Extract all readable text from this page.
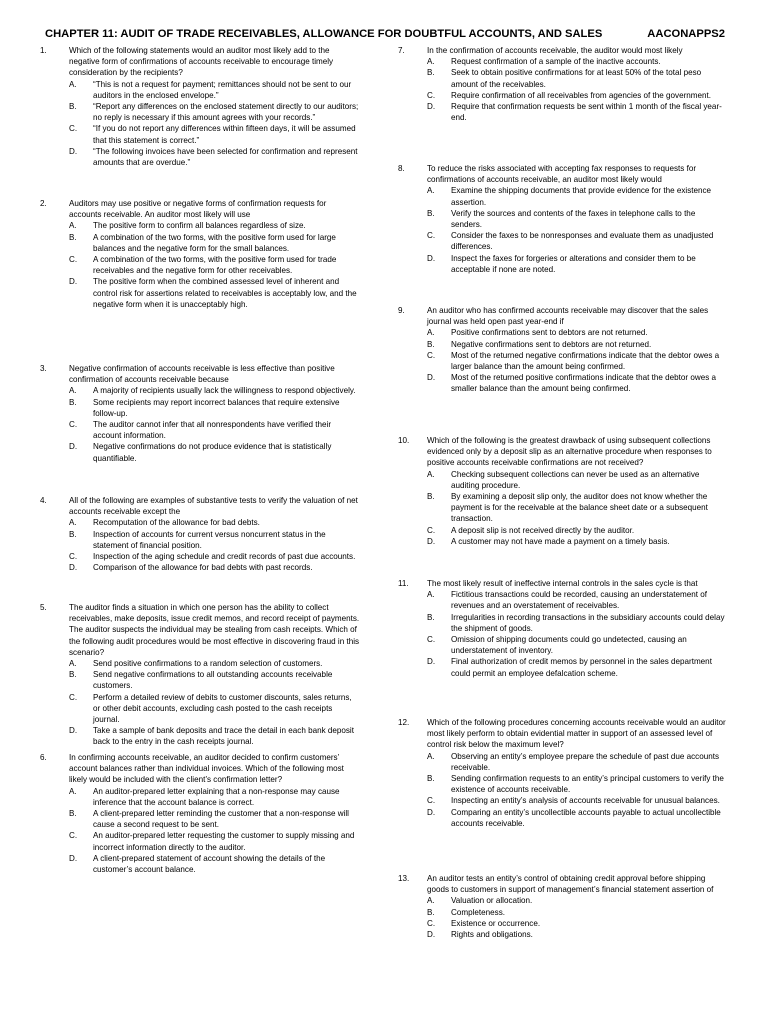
CHAPTER 11: AUDIT OF TRADE RECEIVABLES, ALLOWANCE FOR DOUBTFUL ACCOUNTS, AND SALES	AACONAPPS2
1.	Which of the following statements would an auditor most likely add to the negative form of confirmations of accounts receivable to encourage timely consideration by the recipients?
A. “This is not a request for payment; remittances should not be sent to our auditors in the enclosed envelope.”
B. “Report any differences on the enclosed statement directly to our auditors; no reply is necessary if this amount agrees with your records.”
C. “If you do not report any differences within fifteen days, it will be assumed that this statement is correct.”
D. “The following invoices have been selected for confirmation and represent amounts that are overdue.”
2.	Auditors may use positive or negative forms of confirmation requests for accounts receivable. An auditor most likely will use
A. The positive form to confirm all balances regardless of size.
B. A combination of the two forms, with the positive form used for large balances and the negative form for the small balances.
C. A combination of the two forms, with the positive form used for trade receivables and the negative form for other receivables.
D. The positive form when the combined assessed level of inherent and control risk for assertions related to receivables is acceptably low, and the negative form when it is unacceptably high.
3.	Negative confirmation of accounts receivable is less effective than positive confirmation of accounts receivable because
A. A majority of recipients usually lack the willingness to respond objectively.
B. Some recipients may report incorrect balances that require extensive follow-up.
C. The auditor cannot infer that all nonrespondents have verified their account information.
D. Negative confirmations do not produce evidence that is statistically quantifiable.
4.	All of the following are examples of substantive tests to verify the valuation of net accounts receivable except the
A. Recomputation of the allowance for bad debts.
B. Inspection of accounts for current versus noncurrent status in the statement of financial position.
C. Inspection of the aging schedule and credit records of past due accounts.
D. Comparison of the allowance for bad debts with past records.
5.	The auditor finds a situation in which one person has the ability to collect receivables, make deposits, issue credit memos, and record receipt of payments. The auditor suspects the individual may be stealing from cash receipts. Which of the following audit procedures would be most effective in discovering fraud in this scenario?
A. Send positive confirmations to a random selection of customers.
B. Send negative confirmations to all outstanding accounts receivable customers.
C. Perform a detailed review of debits to customer discounts, sales returns, or other debit accounts, excluding cash posted to the cash receipts journal.
D. Take a sample of bank deposits and trace the detail in each bank deposit back to the entry in the cash receipts journal.
6.	In confirming accounts receivable, an auditor decided to confirm customers’ account balances rather than individual invoices. Which of the following most likely would be included with the client’s confirmation letter?
A. An auditor-prepared letter explaining that a non-response may cause inference that the account balance is correct.
B. A client-prepared letter reminding the customer that a non-response will cause a second request to be sent.
C. An auditor-prepared letter requesting the customer to supply missing and incorrect information directly to the auditor.
D. A client-prepared statement of account showing the details of the customer’s account balance.
7.	In the confirmation of accounts receivable, the auditor would most likely
A. Request confirmation of a sample of the inactive accounts.
B. Seek to obtain positive confirmations for at least 50% of the total peso amount of the receivables.
C. Require confirmation of all receivables from agencies of the government.
D. Require that confirmation requests be sent within 1 month of the fiscal year-end.
8.	To reduce the risks associated with accepting fax responses to requests for confirmations of accounts receivable, an auditor most likely would
A. Examine the shipping documents that provide evidence for the existence assertion.
B. Verify the sources and contents of the faxes in telephone calls to the senders.
C. Consider the faxes to be nonresponses and evaluate them as unadjusted differences.
D. Inspect the faxes for forgeries or alterations and consider them to be acceptable if none are noted.
9.	An auditor who has confirmed accounts receivable may discover that the sales journal was held open past year-end if
A. Positive confirmations sent to debtors are not returned.
B. Negative confirmations sent to debtors are not returned.
C. Most of the returned negative confirmations indicate that the debtor owes a larger balance than the amount being confirmed.
D. Most of the returned positive confirmations indicate that the debtor owes a smaller balance than the amount being confirmed.
10.	Which of the following is the greatest drawback of using subsequent collections evidenced only by a deposit slip as an alternative procedure when responses to positive accounts receivable confirmations are not received?
A. Checking subsequent collections can never be used as an alternative auditing procedure.
B. By examining a deposit slip only, the auditor does not know whether the payment is for the receivable at the balance sheet date or a subsequent transaction.
C. A deposit slip is not received directly by the auditor.
D. A customer may not have made a payment on a timely basis.
11.	The most likely result of ineffective internal controls in the sales cycle is that
A. Fictitious transactions could be recorded, causing an understatement of revenues and an overstatement of receivables.
B. Irregularities in recording transactions in the subsidiary accounts could delay the shipment of goods.
C. Omission of shipping documents could go undetected, causing an understatement of inventory.
D. Final authorization of credit memos by personnel in the sales department could permit an employee defalcation scheme.
12.	Which of the following procedures concerning accounts receivable would an auditor most likely perform to obtain evidential matter in support of an assessed level of control risk below the maximum level?
A. Observing an entity’s employee prepare the schedule of past due accounts receivable.
B. Sending confirmation requests to an entity’s principal customers to verify the existence of accounts receivable.
C. Inspecting an entity’s analysis of accounts receivable for unusual balances.
D. Comparing an entity’s uncollectible accounts payable to actual uncollectible accounts receivable.
13.	An auditor tests an entity’s control of obtaining credit approval before shipping goods to customers in support of management’s financial statement assertion of
A. Valuation or allocation.
B. Completeness.
C. Existence or occurrence.
D. Rights and obligations.
